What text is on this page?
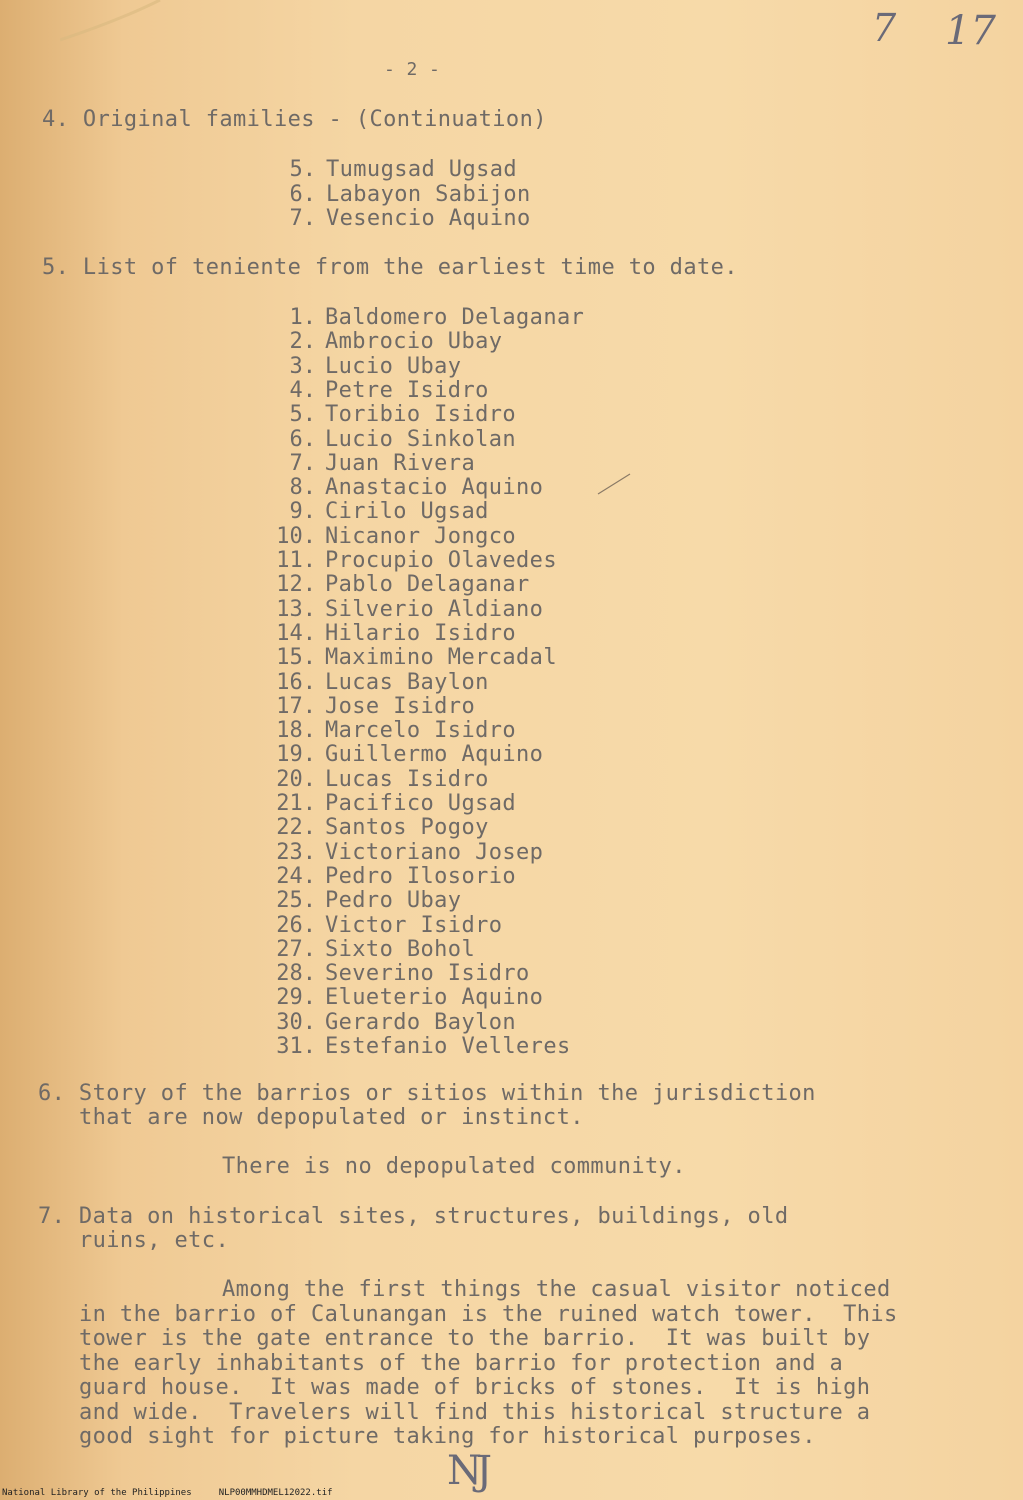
7 17
- 2 -
4. Original families - (Continuation)
5. Tumugsad Ugsad
6. Labayon Sabijon
7. Vesencio Aquino
5. List of teniente from the earliest time to date.
1. Baldomero Delaganar
2. Ambrocio Ubay
3. Lucio Ubay
4. Petre Isidro
5. Toribio Isidro
6. Lucio Sinkolan
7. Juan Rivera
8. Anastacio Aquino
9. Cirilo Ugsad
10. Nicanor Jongco
11. Procupio Olavedes
12. Pablo Delaganar
13. Silverio Aldiano
14. Hilario Isidro
15. Maximino Mercadal
16. Lucas Baylon
17. Jose Isidro
18. Marcelo Isidro
19. Guillermo Aquino
20. Lucas Isidro
21. Pacifico Ugsad
22. Santos Pogoy
23. Victoriano Josep
24. Pedro Ilosorio
25. Pedro Ubay
26. Victor Isidro
27. Sixto Bohol
28. Severino Isidro
29. Elueterio Aquino
30. Gerardo Baylon
31. Estefanio Velleres
6. Story of the barrios or sitios within the jurisdiction
that are now depopulated or instinct.
There is no depopulated community.
7. Data on historical sites, structures, buildings, old
ruins, etc.
Among the first things the casual visitor noticed
in the barrio of Calunangan is the ruined watch tower.  This
tower is the gate entrance to the barrio.  It was built by
the early inhabitants of the barrio for protection and a
guard house.  It was made of bricks of stones.  It is high
and wide.  Travelers will find this historical structure a
good sight for picture taking for historical purposes.
NJ
National Library of the Philippines     NLP00MMHDMEL12022.tif
